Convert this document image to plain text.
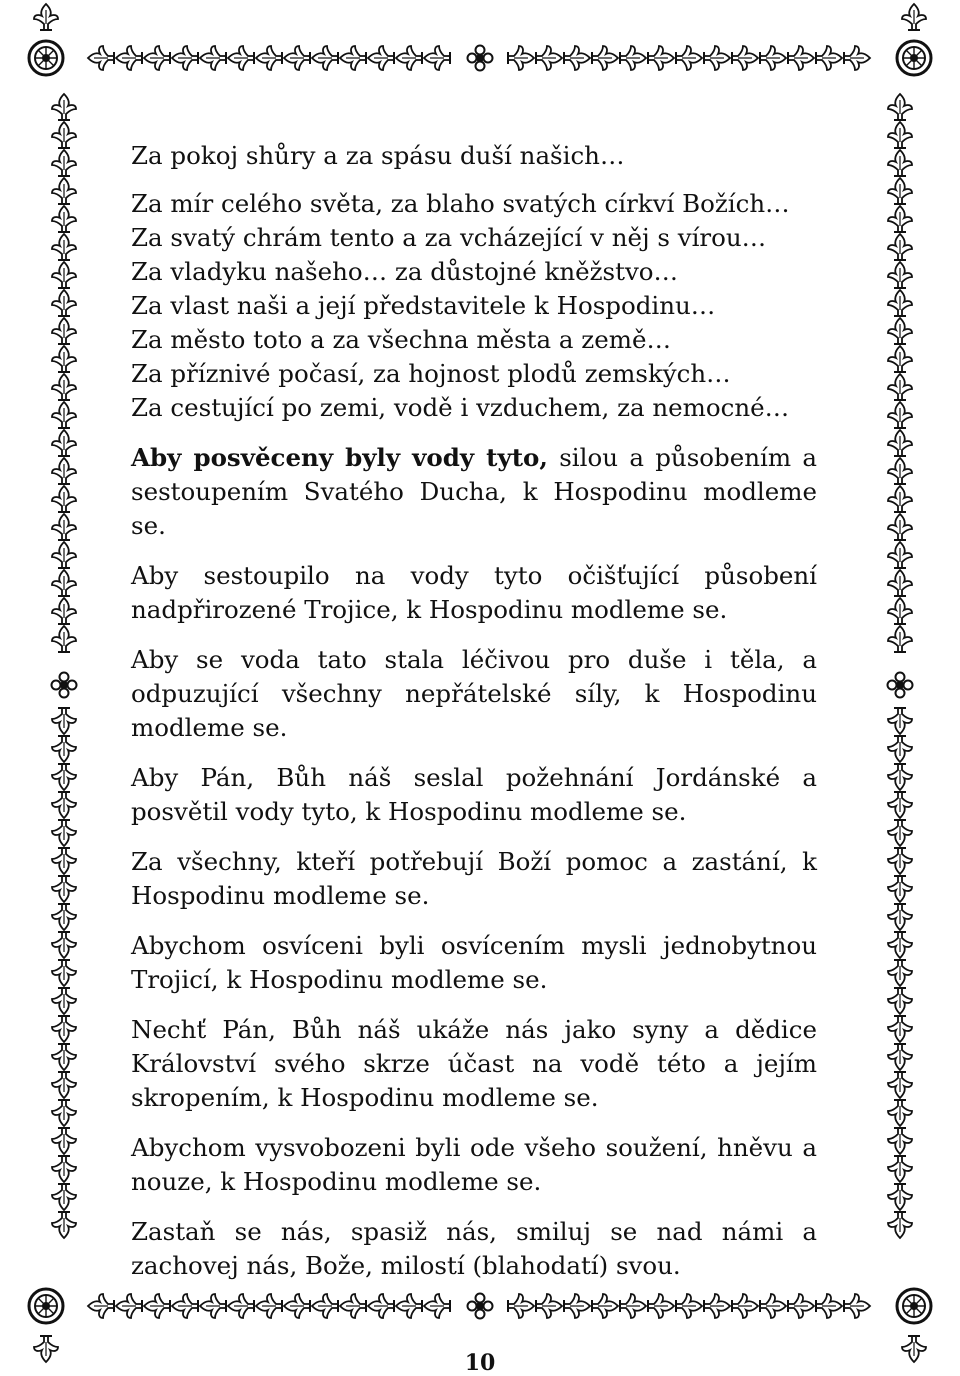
Za pokoj shůry a za spásu duší našich…

Za mír celého světa, za blaho svatých církví Božích…

Za svatý chrám tento a za vcházející v něj s vírou…

Za vladyku našeho… za důstojné kněžstvo…

Za vlast naši a její představitele k Hospodinu…

Za město toto a za všechna města a země…

Za příznivé počasí, za hojnost plodů zemských…

Za cestující po zemi, vodě i vzduchem, za nemocné…

Aby posvěceny byly vody tyto, silou a působením a sestoupením Svatého Ducha, k Hospodinu modleme se.

Aby sestoupilo na vody tyto očišťující působení nadpřirozené Trojice, k Hospodinu modleme se.

Aby se voda tato stala léčivou pro duše i těla, a odpuzující všechny nepřátelské síly, k Hospodinu modleme se.

Aby Pán, Bůh náš seslal požehnání Jordánské a posvětil vody tyto, k Hospodinu modleme se.

Za všechny, kteří potřebují Boží pomoc a zastání, k Hospodinu modleme se.

Abychom osvíceni byli osvícením mysli jednobytnou Trojicí, k Hospodinu modleme se.

Nechť Pán, Bůh náš ukáže nás jako syny a dědice Království svého skrze účast na vodě této a jejím skropením, k Hospodinu modleme se.

Abychom vysvobozeni byli ode všeho soužení, hněvu a nouze, k Hospodinu modleme se.

Zastaň se nás, spasiž nás, smiluj se nad námi a zachovej nás, Bože, milostí (blahodatí) svou.

10
